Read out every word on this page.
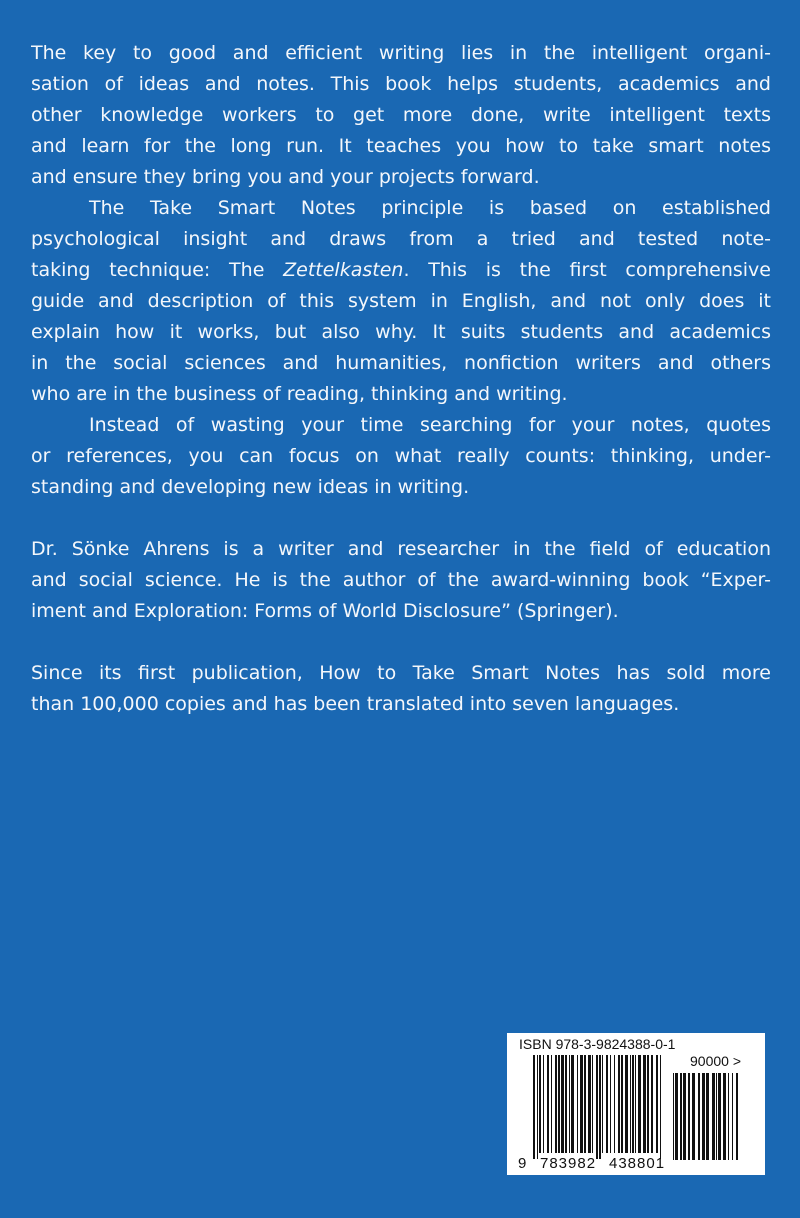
The key to good and efficient writing lies in the intelligent organi-
sation of ideas and notes. This book helps students, academics and
other knowledge workers to get more done, write intelligent texts
and learn for the long run. It teaches you how to take smart notes
and ensure they bring you and your projects forward.
The Take Smart Notes principle is based on established
psychological insight and draws from a tried and tested note-
taking technique: The Zettelkasten. This is the first comprehensive
guide and description of this system in English, and not only does it
explain how it works, but also why. It suits students and academics
in the social sciences and humanities, nonfiction writers and others
who are in the business of reading, thinking and writing.
Instead of wasting your time searching for your notes, quotes
or references, you can focus on what really counts: thinking, under-
standing and developing new ideas in writing.
Dr. Sönke Ahrens is a writer and researcher in the field of education
and social science. He is the author of the award-winning book “Exper-
iment and Exploration: Forms of World Disclosure” (Springer).
Since its first publication, How to Take Smart Notes has sold more
than 100,000 copies and has been translated into seven languages.
ISBN 978-3-9824388-0-1
90000 >
9 783982 438801
